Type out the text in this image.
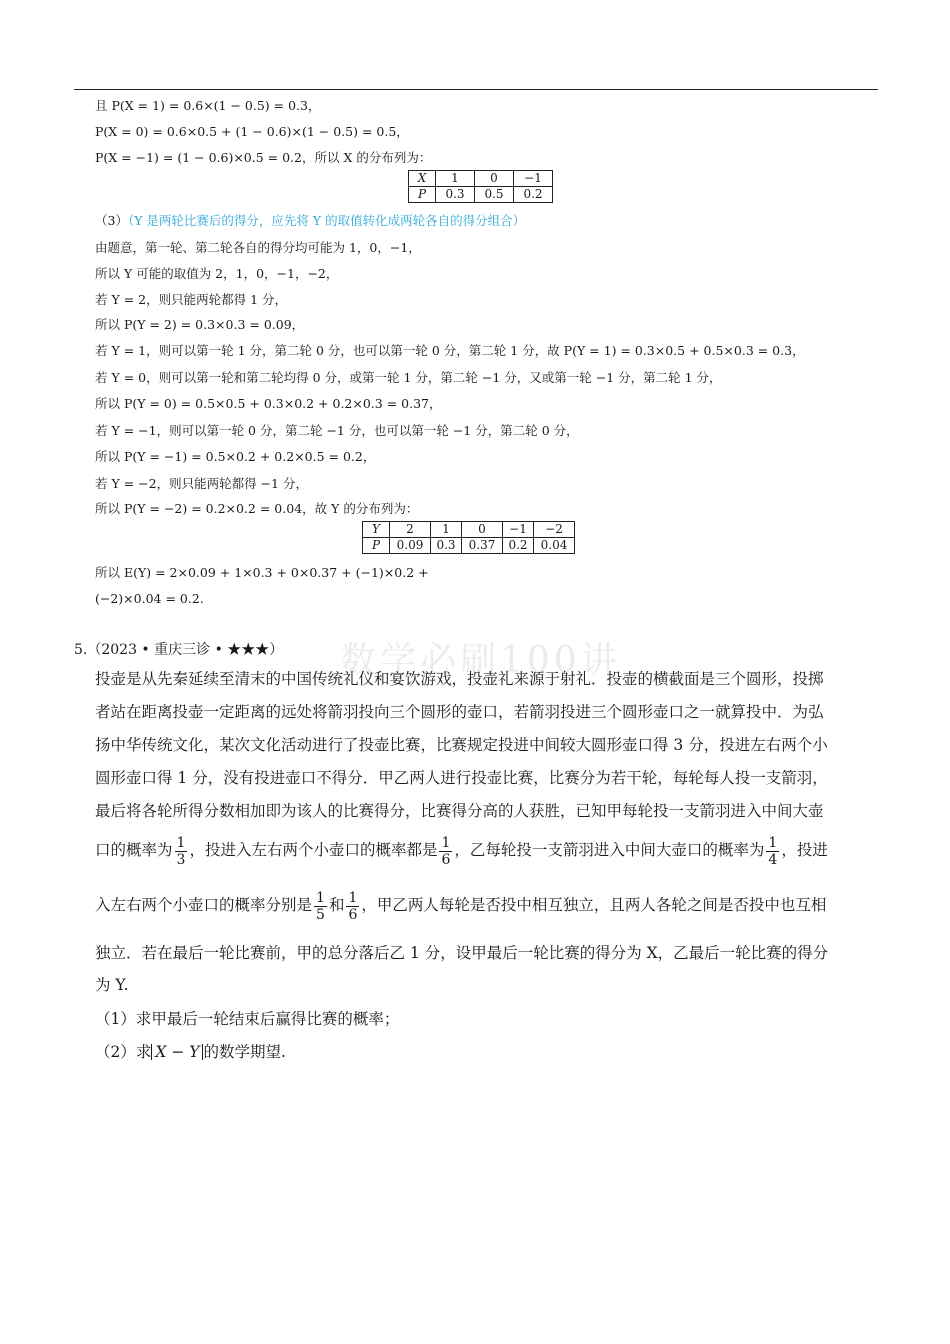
且 P(X = 1) = 0.6×(1 − 0.5) = 0.3，
P(X = 0) = 0.6×0.5 + (1 − 0.6)×(1 − 0.5) = 0.5，
P(X = −1) = (1 − 0.6)×0.5 = 0.2，所以 X 的分布列为：
X	1	0	−1
P	0.3	0.5	0.2
（3）（Y 是两轮比赛后的得分，应先将 Y 的取值转化成两轮各自的得分组合）
由题意，第一轮、第二轮各自的得分均可能为 1，0，−1，
所以 Y 可能的取值为 2，1，0，−1，−2，
若 Y = 2，则只能两轮都得 1 分，
所以 P(Y = 2) = 0.3×0.3 = 0.09，
若 Y = 1，则可以第一轮 1 分，第二轮 0 分，也可以第一轮 0 分，第二轮 1 分，故 P(Y = 1) = 0.3×0.5 + 0.5×0.3 = 0.3，
若 Y = 0，则可以第一轮和第二轮均得 0 分，或第一轮 1 分，第二轮 −1 分，又或第一轮 −1 分，第二轮 1 分，
所以 P(Y = 0) = 0.5×0.5 + 0.3×0.2 + 0.2×0.3 = 0.37，
若 Y = −1，则可以第一轮 0 分，第二轮 −1 分，也可以第一轮 −1 分，第二轮 0 分，
所以 P(Y = −1) = 0.5×0.2 + 0.2×0.5 = 0.2，
若 Y = −2，则只能两轮都得 −1 分，
所以 P(Y = −2) = 0.2×0.2 = 0.04，故 Y 的分布列为：
Y	2	1	0	−1	−2
P	0.09	0.3	0.37	0.2	0.04
所以 E(Y) = 2×0.09 + 1×0.3 + 0×0.37 + (−1)×0.2 +
(−2)×0.04 = 0.2.
数学必刷100讲
5.（2023 • 重庆三诊 • ★★★）
投壶是从先秦延续至清末的中国传统礼仪和宴饮游戏，投壶礼来源于射礼．投壶的横截面是三个圆形，投掷
者站在距离投壶一定距离的远处将箭羽投向三个圆形的壶口，若箭羽投进三个圆形壶口之一就算投中．为弘
扬中华传统文化，某次文化活动进行了投壶比赛，比赛规定投进中间较大圆形壶口得 3 分，投进左右两个小
圆形壶口得 1 分，没有投进壶口不得分．甲乙两人进行投壶比赛，比赛分为若干轮，每轮每人投一支箭羽，
最后将各轮所得分数相加即为该人的比赛得分，比赛得分高的人获胜，已知甲每轮投一支箭羽进入中间大壶
口的概率为 $\frac{1}{3}$ ，投进入左右两个小壶口的概率都是 $\frac{1}{6}$ ，乙每轮投一支箭羽进入中间大壶口的概率为 $\frac{1}{4}$ ，投进
入左右两个小壶口的概率分别是 $\frac{1}{5}$ 和 $\frac{1}{6}$ ，甲乙两人每轮是否投中相互独立，且两人各轮之间是否投中也互相
独立．若在最后一轮比赛前，甲的总分落后乙 1 分，设甲最后一轮比赛的得分为 X，乙最后一轮比赛的得分
为 Y.
（1）求甲最后一轮结束后赢得比赛的概率；
（2）求 X − Y 的数学期望.
